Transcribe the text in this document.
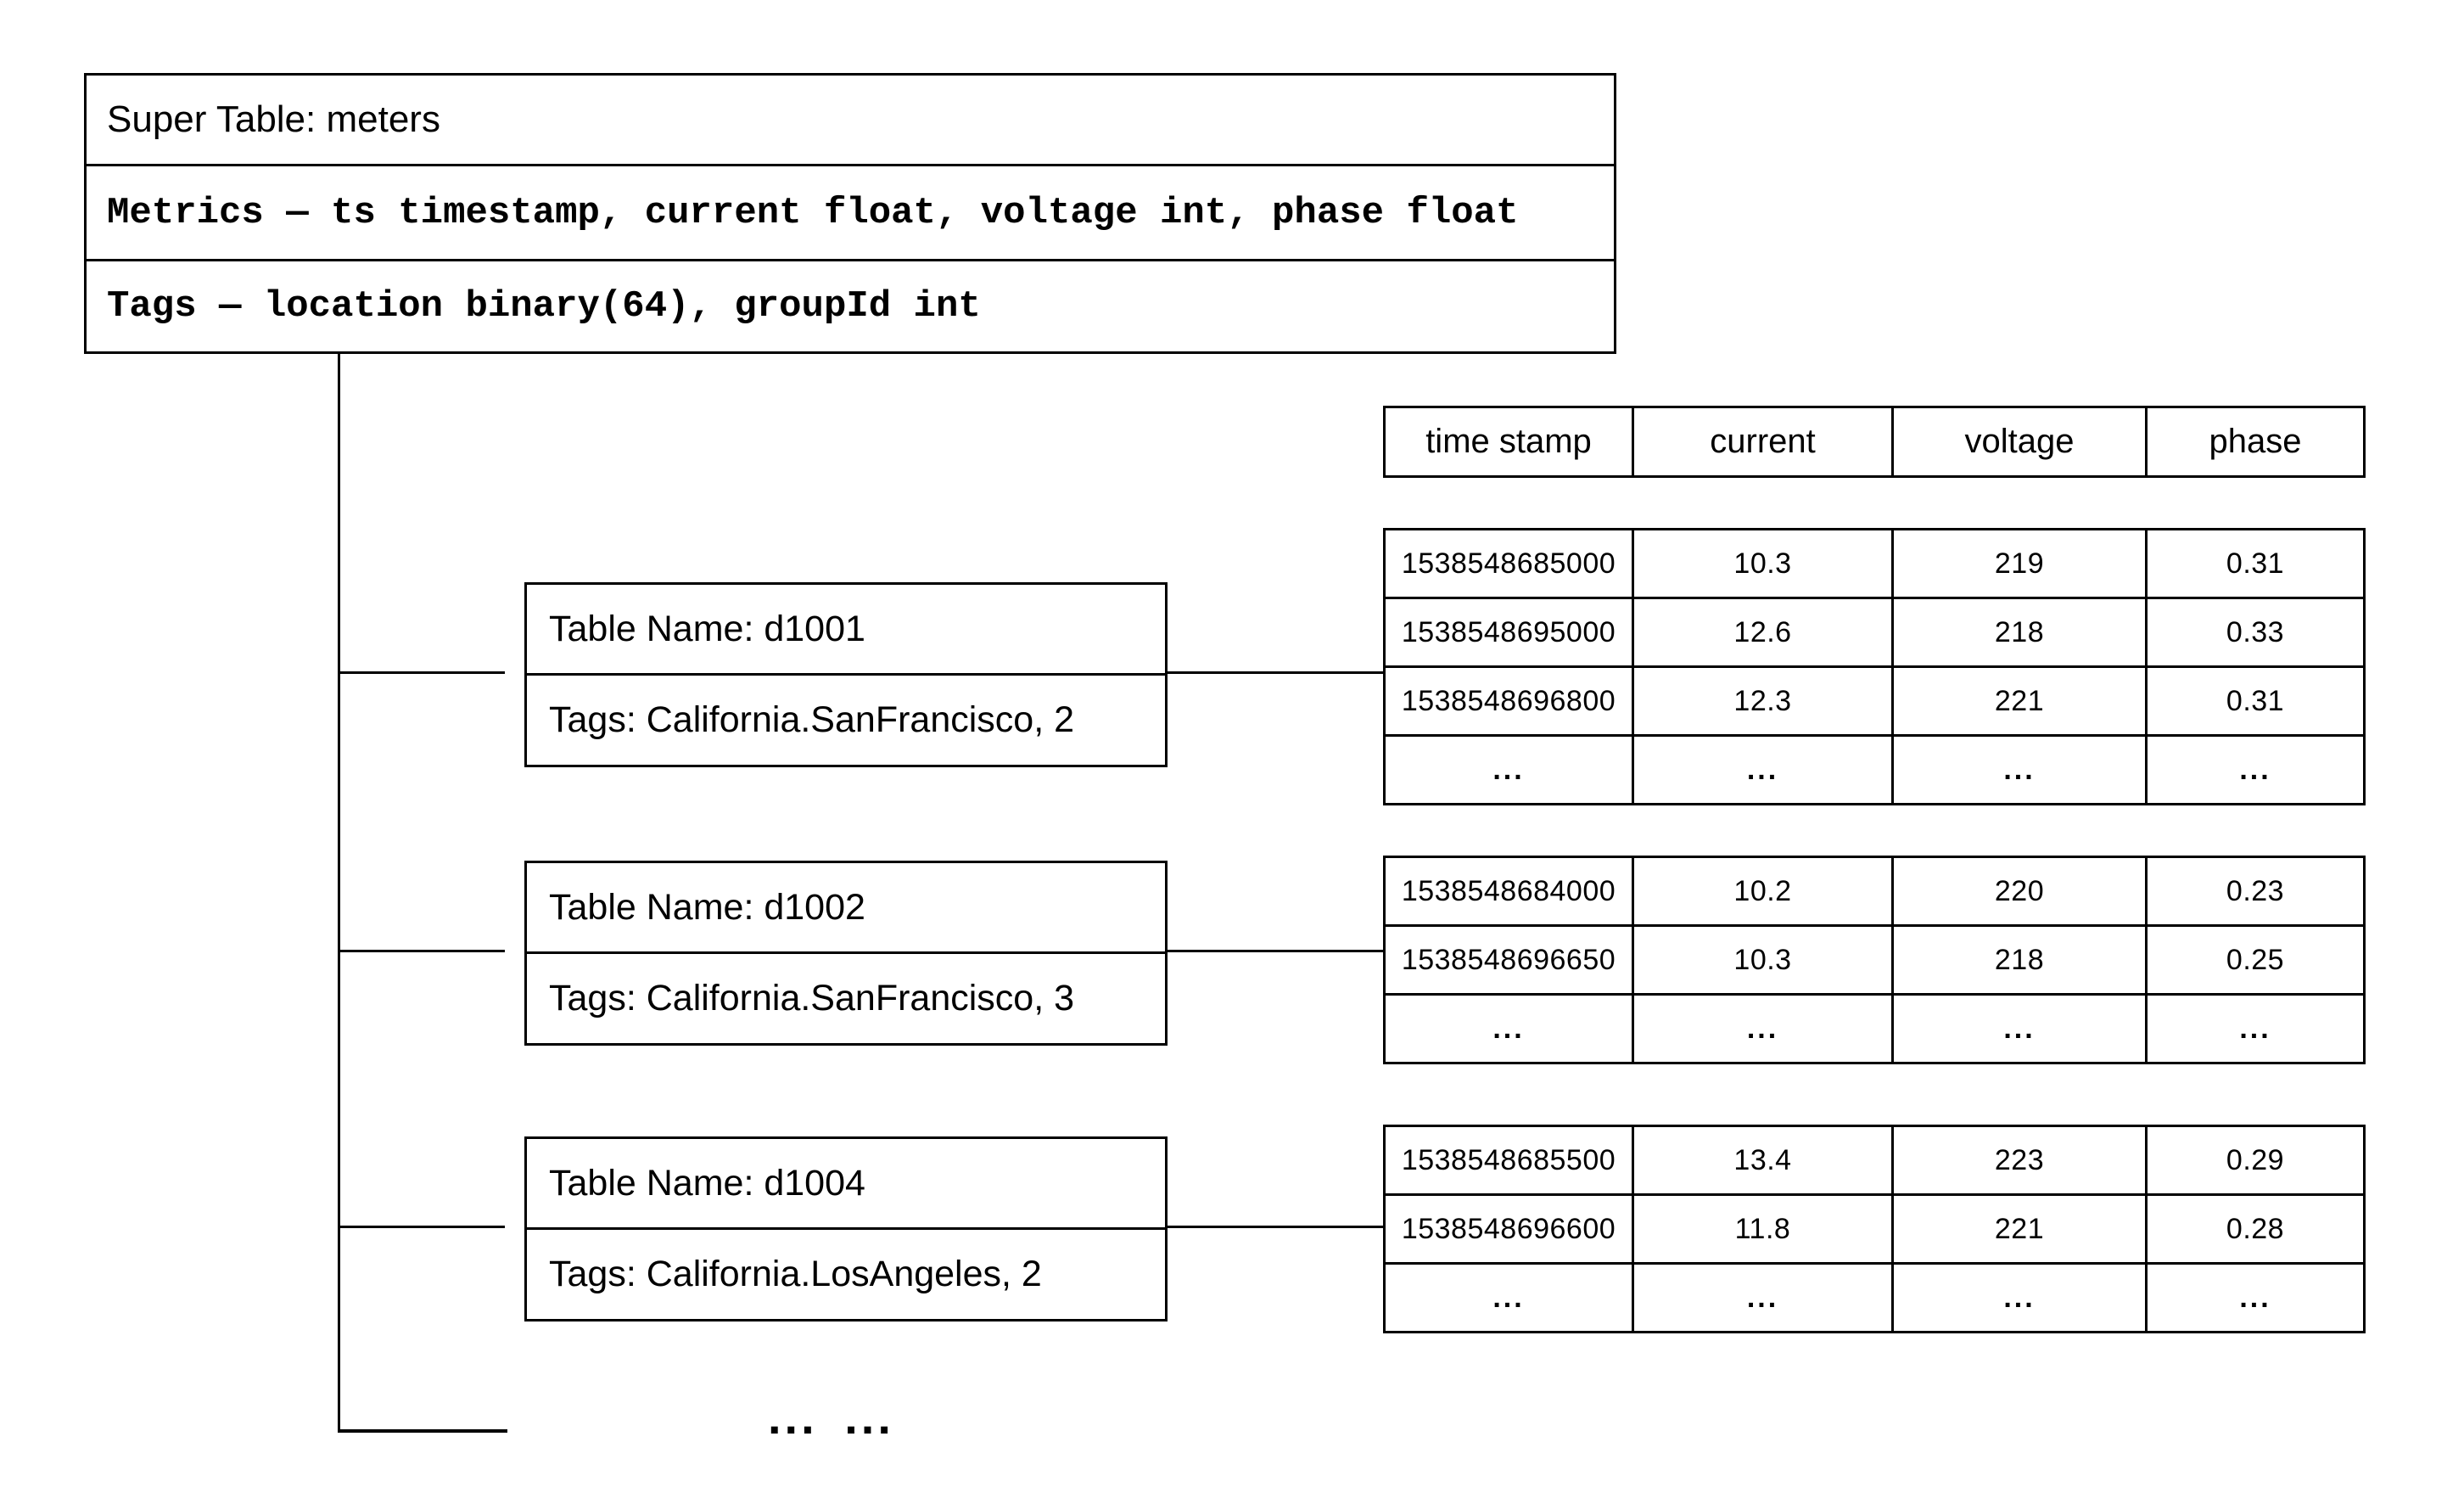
Super Table: meters
Metrics — ts timestamp, current float, voltage int, phase float
Tags — location binary(64), groupId int
time stamp	current	voltage	phase
Table Name: d1001
Tags: California.SanFrancisco, 2
1538548685000	10.3	219	0.31
1538548695000	12.6	218	0.33
1538548696800	12.3	221	0.31
...	...	...	...
Table Name: d1002
Tags: California.SanFrancisco, 3
1538548684000	10.2	220	0.23
1538548696650	10.3	218	0.25
...	...	...	...
Table Name: d1004
Tags: California.LosAngeles, 2
1538548685500	13.4	223	0.29
1538548696600	11.8	221	0.28
...	...	...	...
... ...
